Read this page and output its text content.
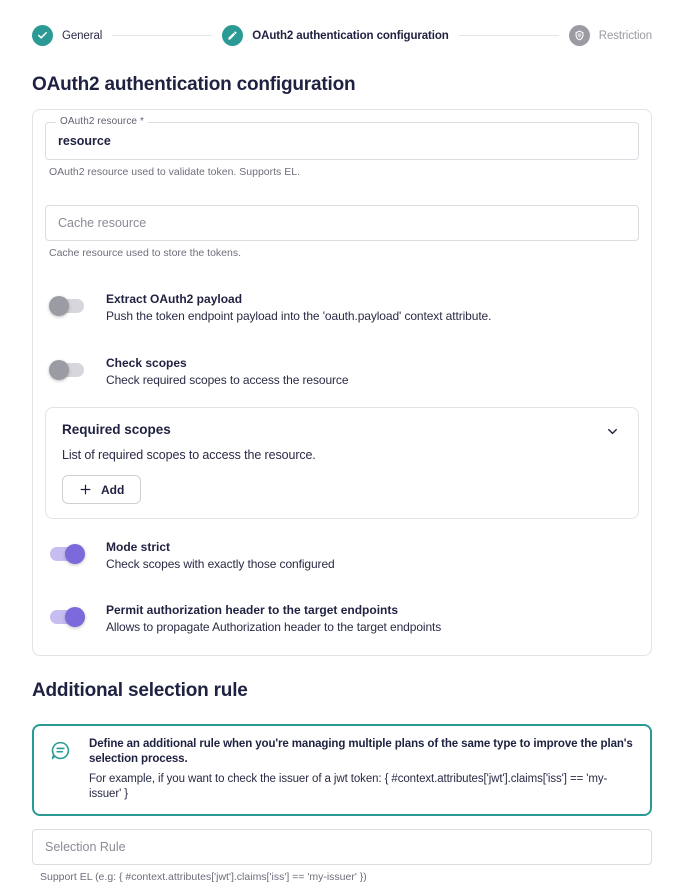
General	OAuth2 authentication configuration	Restriction
OAuth2 authentication configuration
OAuth2 resource *
resource
OAuth2 resource used to validate token. Supports EL.
Cache resource
Cache resource used to store the tokens.
Extract OAuth2 payload
Push the token endpoint payload into the 'oauth.payload' context attribute.
Check scopes
Check required scopes to access the resource
Required scopes
List of required scopes to access the resource.
Add
Mode strict
Check scopes with exactly those configured
Permit authorization header to the target endpoints
Allows to propagate Authorization header to the target endpoints
Additional selection rule
Define an additional rule when you're managing multiple plans of the same type to improve the plan's selection process.
For example, if you want to check the issuer of a jwt token: { #context.attributes['jwt'].claims['iss'] == 'my-issuer' }
Selection Rule
Support EL (e.g: { #context.attributes['jwt'].claims['iss'] == 'my-issuer' })
